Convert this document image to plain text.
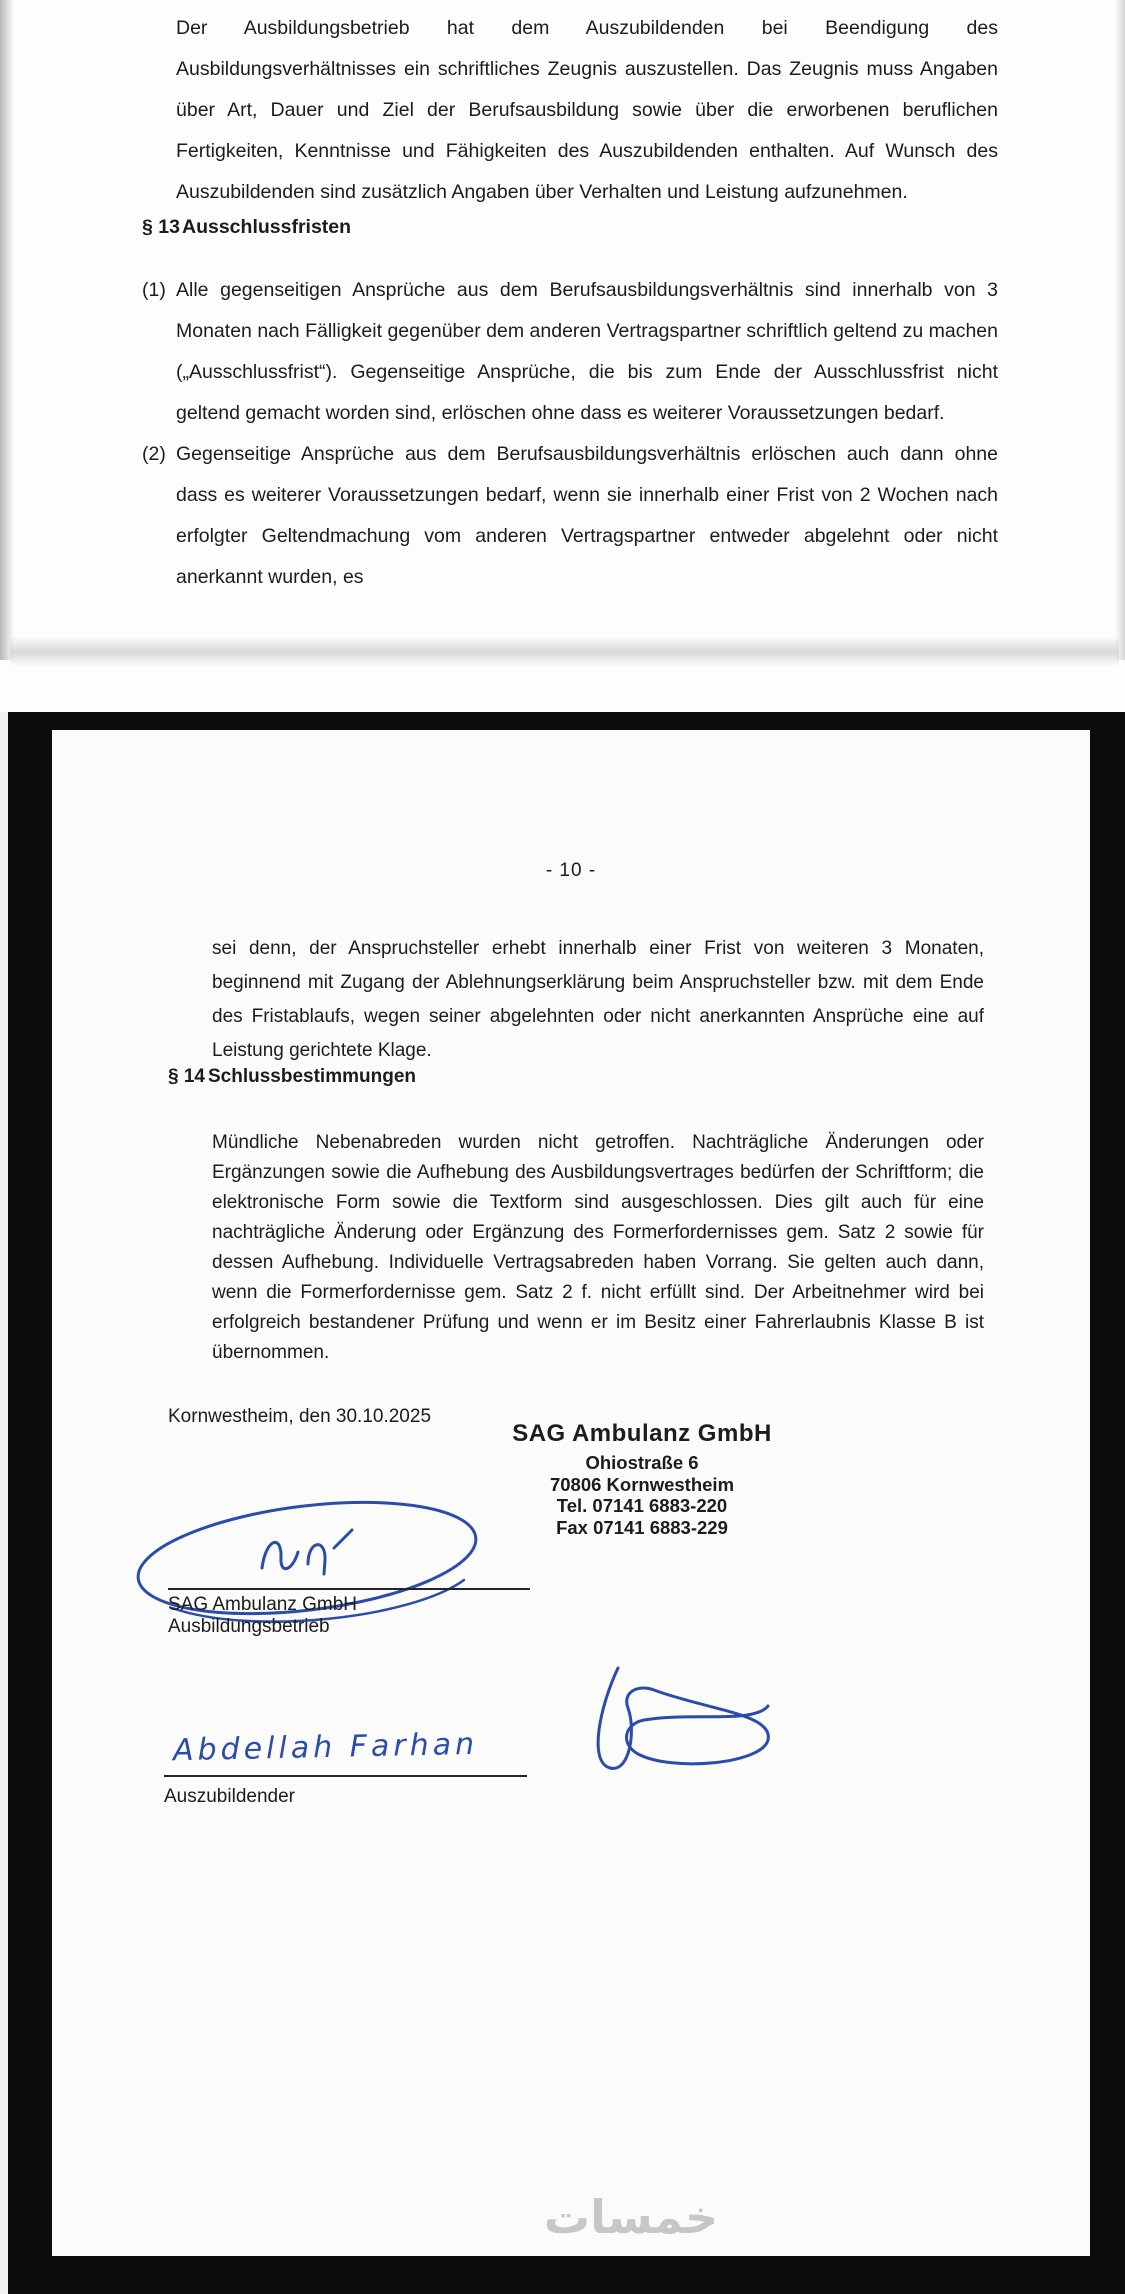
Der Ausbildungsbetrieb hat dem Auszubildenden bei Beendigung des Ausbildungsverhältnisses ein schriftliches Zeugnis auszustellen. Das Zeugnis muss Angaben über Art, Dauer und Ziel der Berufsausbildung sowie über die erworbenen beruflichen Fertigkeiten, Kenntnisse und Fähigkeiten des Auszubildenden enthalten. Auf Wunsch des Auszubildenden sind zusätzlich Angaben über Verhalten und Leistung aufzunehmen.

§ 13 Ausschlussfristen
(1) Alle gegenseitigen Ansprüche aus dem Berufsausbildungsverhältnis sind innerhalb von 3 Monaten nach Fälligkeit gegenüber dem anderen Vertragspartner schriftlich geltend zu machen („Ausschlussfrist“). Gegenseitige Ansprüche, die bis zum Ende der Ausschlussfrist nicht geltend gemacht worden sind, erlöschen ohne dass es weiterer Voraussetzungen bedarf.

(2) Gegenseitige Ansprüche aus dem Berufsausbildungsverhältnis erlöschen auch dann ohne dass es weiterer Voraussetzungen bedarf, wenn sie innerhalb einer Frist von 2 Wochen nach erfolgter Geltendmachung vom anderen Vertragspartner entweder abgelehnt oder nicht anerkannt wurden, es

- 10 -

sei denn, der Anspruchsteller erhebt innerhalb einer Frist von weiteren 3 Monaten, beginnend mit Zugang der Ablehnungserklärung beim Anspruchsteller bzw. mit dem Ende des Fristablaufs, wegen seiner abgelehnten oder nicht anerkannten Ansprüche eine auf Leistung gerichtete Klage.

§ 14 Schlussbestimmungen

Mündliche Nebenabreden wurden nicht getroffen. Nachträgliche Änderungen oder Ergänzungen sowie die Aufhebung des Ausbildungsvertrages bedürfen der Schriftform; die elektronische Form sowie die Textform sind ausgeschlossen. Dies gilt auch für eine nachträgliche Änderung oder Ergänzung des Formerfordernisses gem. Satz 2 sowie für dessen Aufhebung. Individuelle Vertragsabreden haben Vorrang. Sie gelten auch dann, wenn die Formerfordernisse gem. Satz 2 f. nicht erfüllt sind. Der Arbeitnehmer wird bei erfolgreich bestandener Prüfung und wenn er im Besitz einer Fahrerlaubnis Klasse B ist übernommen.

Kornwestheim, den 30.10.2025
SAG Ambulanz GmbH
Ohiostraße 6
70806 Kornwestheim
Tel. 07141 6883-220
Fax 07141 6883-229
SAG Ambulanz GmbH
Ausbildungsbetrieb
Abdellah Farhan
Auszubildender
خمسات
